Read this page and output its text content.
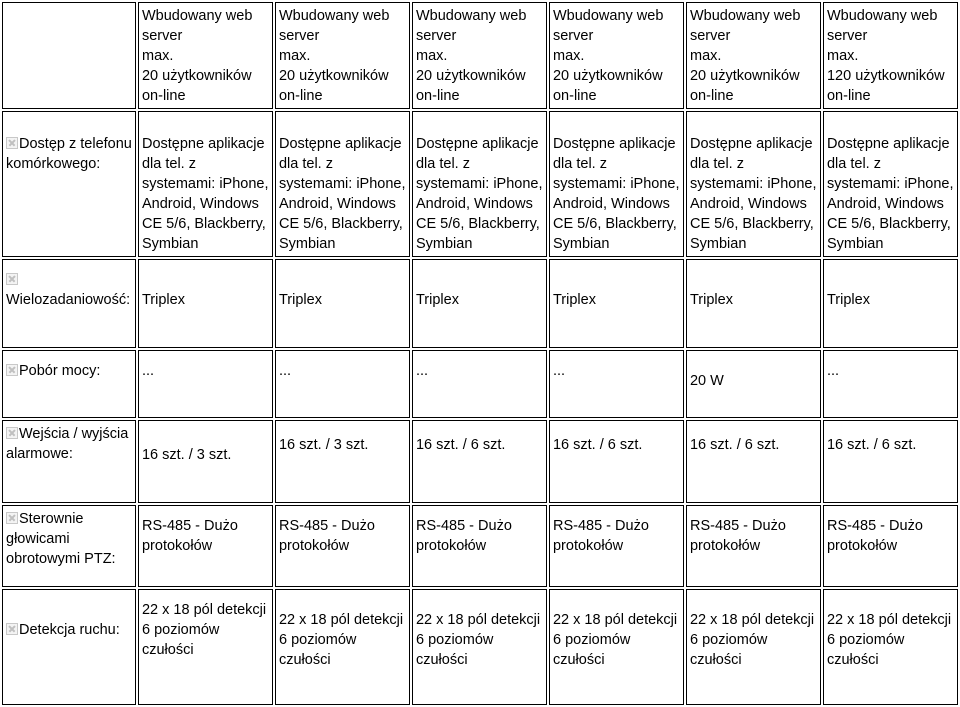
	Wbudowany web server
max.
20 użytkowników on-line	Wbudowany web server
max.
20 użytkowników on-line	Wbudowany web server
max.
20 użytkowników on-line	Wbudowany web server
max.
20 użytkowników on-line	Wbudowany web server
max.
20 użytkowników on-line	Wbudowany web server
max.
120 użytkowników on-line

Dostęp z telefonu komórkowego:	Dostępne aplikacje dla tel. z systemami: iPhone, Android, Windows CE 5/6, Blackberry, Symbian	Dostępne aplikacje dla tel. z systemami: iPhone, Android, Windows CE 5/6, Blackberry, Symbian	Dostępne aplikacje dla tel. z systemami: iPhone, Android, Windows CE 5/6, Blackberry, Symbian	Dostępne aplikacje dla tel. z systemami: iPhone, Android, Windows CE 5/6, Blackberry, Symbian	Dostępne aplikacje dla tel. z systemami: iPhone, Android, Windows CE 5/6, Blackberry, Symbian	Dostępne aplikacje dla tel. z systemami: iPhone, Android, Windows CE 5/6, Blackberry, Symbian

Wielozadaniowość:	Triplex	Triplex	Triplex	Triplex	Triplex	Triplex
Pobór mocy:	...	...	...	...	20 W	...
Wejścia / wyjścia alarmowe:	16 szt. / 3 szt.	16 szt. / 3 szt.	16 szt. / 6 szt.	16 szt. / 6 szt.	16 szt. / 6 szt.	16 szt. / 6 szt.
Sterownie głowicami obrotowymi PTZ:	RS-485 - Dużo protokołów	RS-485 - Dużo protokołów	RS-485 - Dużo protokołów	RS-485 - Dużo protokołów	RS-485 - Dużo protokołów	RS-485 - Dużo protokołów
Detekcja ruchu:	22 x 18 pól detekcji
6 poziomów
czułości	22 x 18 pól detekcji
6 poziomów
czułości	22 x 18 pól detekcji
6 poziomów
czułości	22 x 18 pól detekcji
6 poziomów
czułości	22 x 18 pól detekcji
6 poziomów
czułości	22 x 18 pól detekcji
6 poziomów
czułości
